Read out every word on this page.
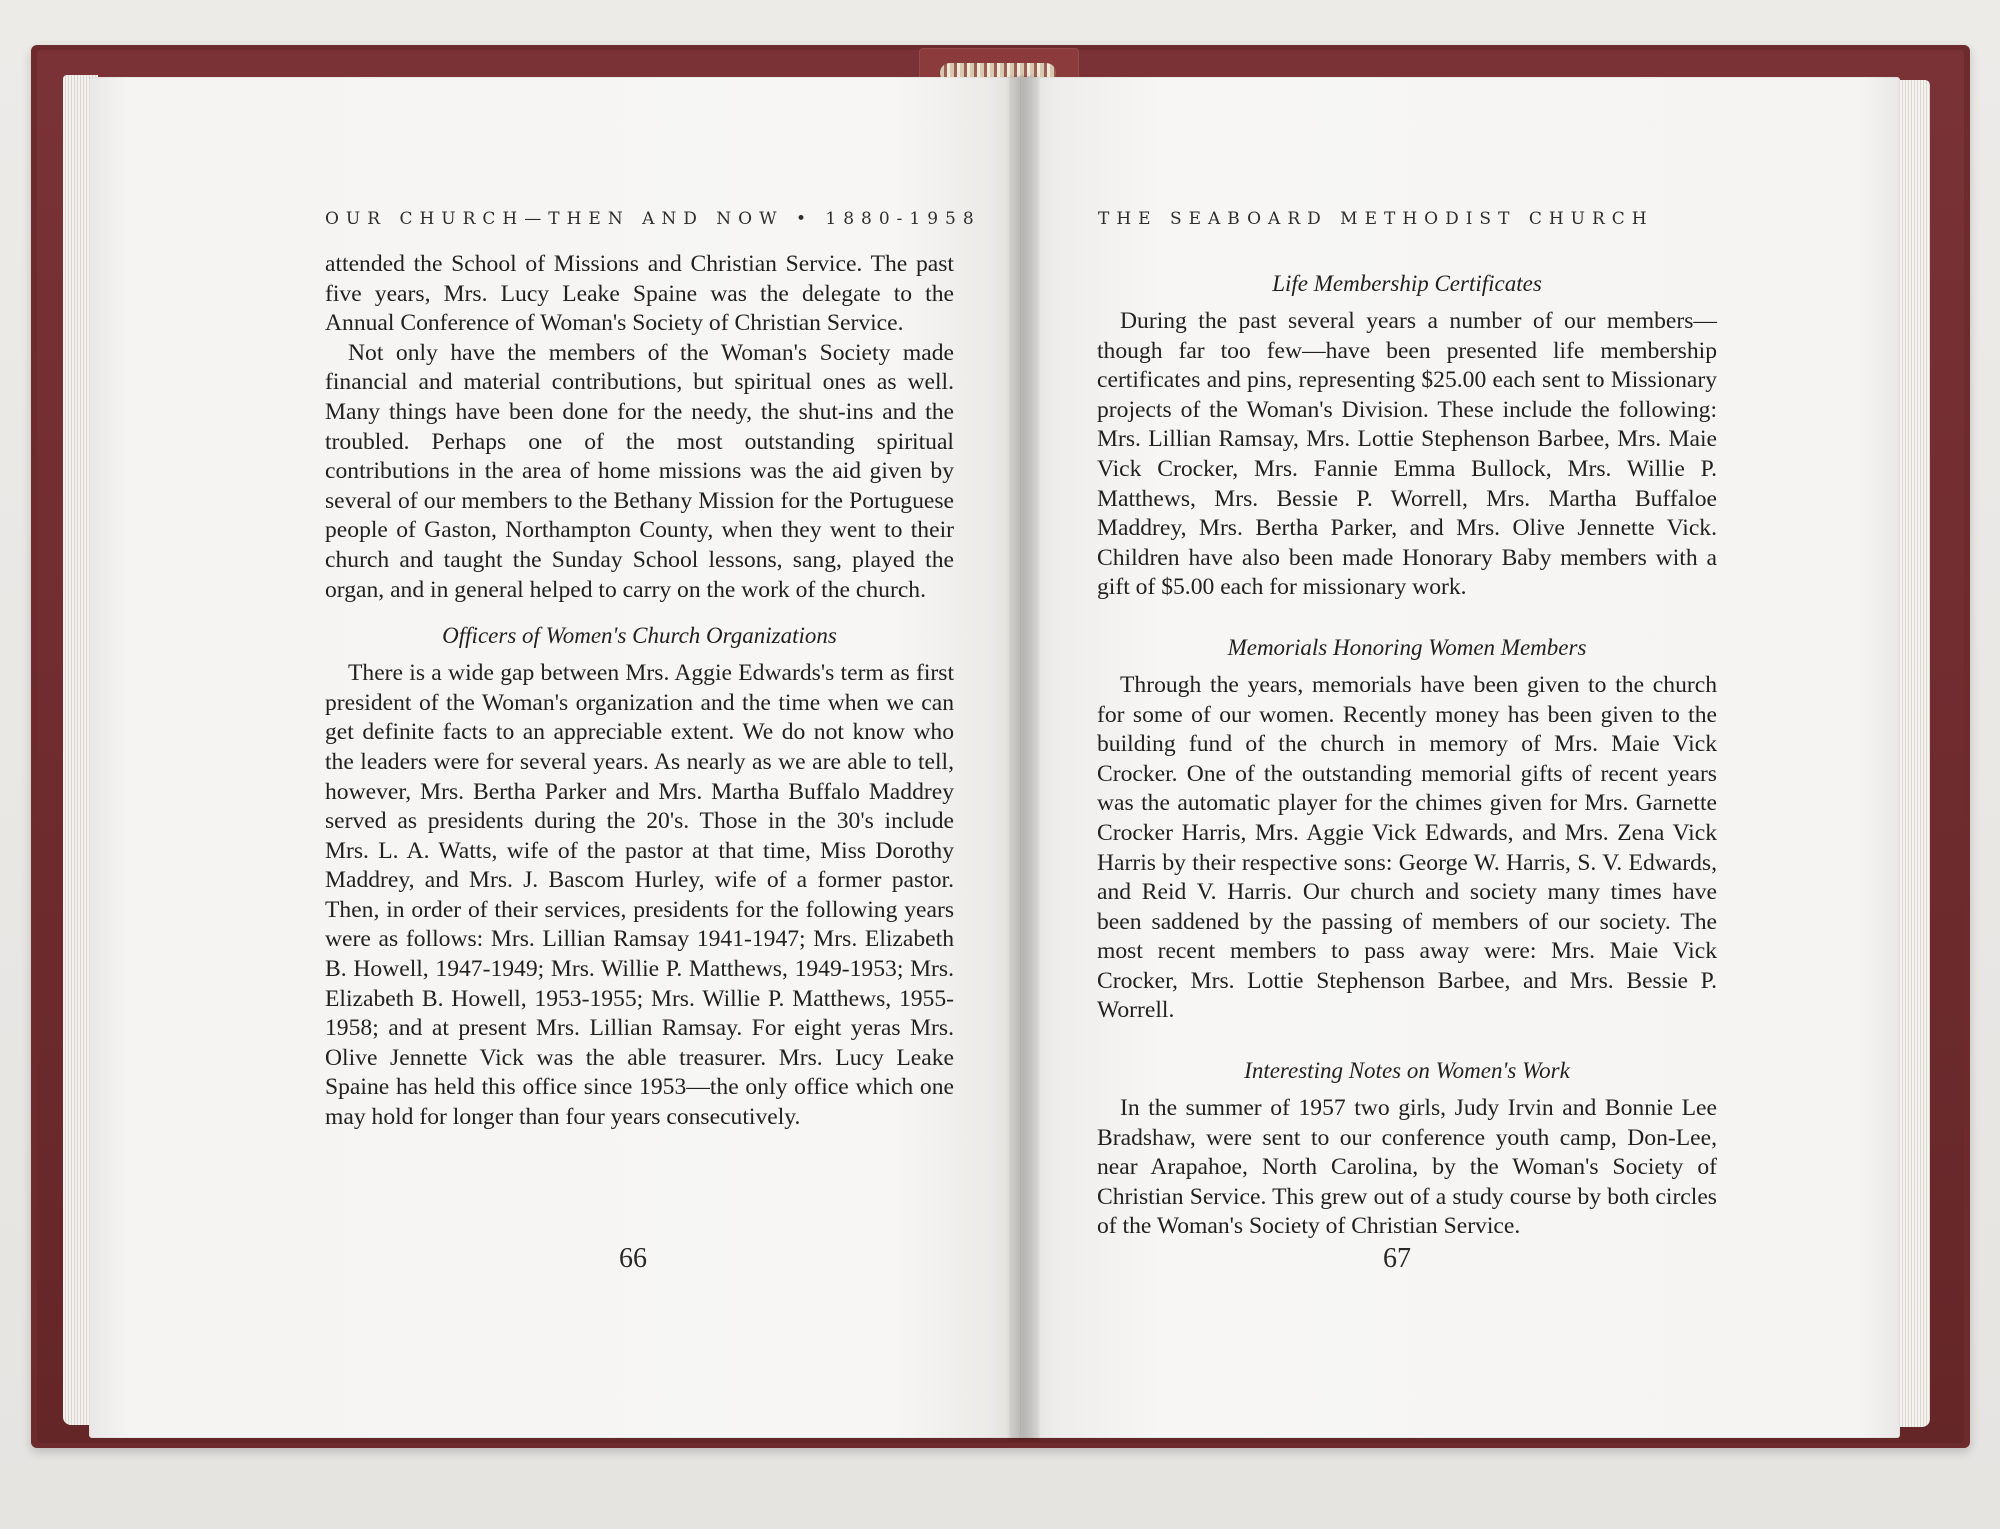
OUR CHURCH—THEN AND NOW • 1880-1958	THE SEABOARD METHODIST CHURCH

attended the School of Missions and Christian Service. The past five years, Mrs. Lucy Leake Spaine was the delegate to the Annual Conference of Woman's Society of Christian Service.

Not only have the members of the Woman's Society made financial and material contributions, but spiritual ones as well. Many things have been done for the needy, the shut-ins and the troubled. Perhaps one of the most outstanding spiritual contributions in the area of home missions was the aid given by several of our members to the Bethany Mission for the Portuguese people of Gaston, Northampton County, when they went to their church and taught the Sunday School lessons, sang, played the organ, and in general helped to carry on the work of the church.

Officers of Women's Church Organizations

There is a wide gap between Mrs. Aggie Edwards's term as first president of the Woman's organization and the time when we can get definite facts to an appreciable extent. We do not know who the leaders were for several years. As nearly as we are able to tell, however, Mrs. Bertha Parker and Mrs. Martha Buffalo Maddrey served as presidents during the 20's. Those in the 30's include Mrs. L. A. Watts, wife of the pastor at that time, Miss Dorothy Maddrey, and Mrs. J. Bascom Hurley, wife of a former pastor. Then, in order of their services, presidents for the following years were as follows: Mrs. Lillian Ramsay 1941-1947; Mrs. Elizabeth B. Howell, 1947-1949; Mrs. Willie P. Matthews, 1949-1953; Mrs. Elizabeth B. Howell, 1953-1955; Mrs. Willie P. Matthews, 1955-1958; and at present Mrs. Lillian Ramsay. For eight yeras Mrs. Olive Jennette Vick was the able treasurer. Mrs. Lucy Leake Spaine has held this office since 1953—the only office which one may hold for longer than four years consecutively.

Life Membership Certificates

During the past several years a number of our members—though far too few—have been presented life membership certificates and pins, representing $25.00 each sent to Missionary projects of the Woman's Division. These include the following: Mrs. Lillian Ramsay, Mrs. Lottie Stephenson Barbee, Mrs. Maie Vick Crocker, Mrs. Fannie Emma Bullock, Mrs. Willie P. Matthews, Mrs. Bessie P. Worrell, Mrs. Martha Buffaloe Maddrey, Mrs. Bertha Parker, and Mrs. Olive Jennette Vick. Children have also been made Honorary Baby members with a gift of $5.00 each for missionary work.

Memorials Honoring Women Members

Through the years, memorials have been given to the church for some of our women. Recently money has been given to the building fund of the church in memory of Mrs. Maie Vick Crocker. One of the outstanding memorial gifts of recent years was the automatic player for the chimes given for Mrs. Garnette Crocker Harris, Mrs. Aggie Vick Edwards, and Mrs. Zena Vick Harris by their respective sons: George W. Harris, S. V. Edwards, and Reid V. Harris. Our church and society many times have been saddened by the passing of members of our society. The most recent members to pass away were: Mrs. Maie Vick Crocker, Mrs. Lottie Stephenson Barbee, and Mrs. Bessie P. Worrell.

Interesting Notes on Women's Work

In the summer of 1957 two girls, Judy Irvin and Bonnie Lee Bradshaw, were sent to our conference youth camp, Don-Lee, near Arapahoe, North Carolina, by the Woman's Society of Christian Service. This grew out of a study course by both circles of the Woman's Society of Christian Service.

66	67
